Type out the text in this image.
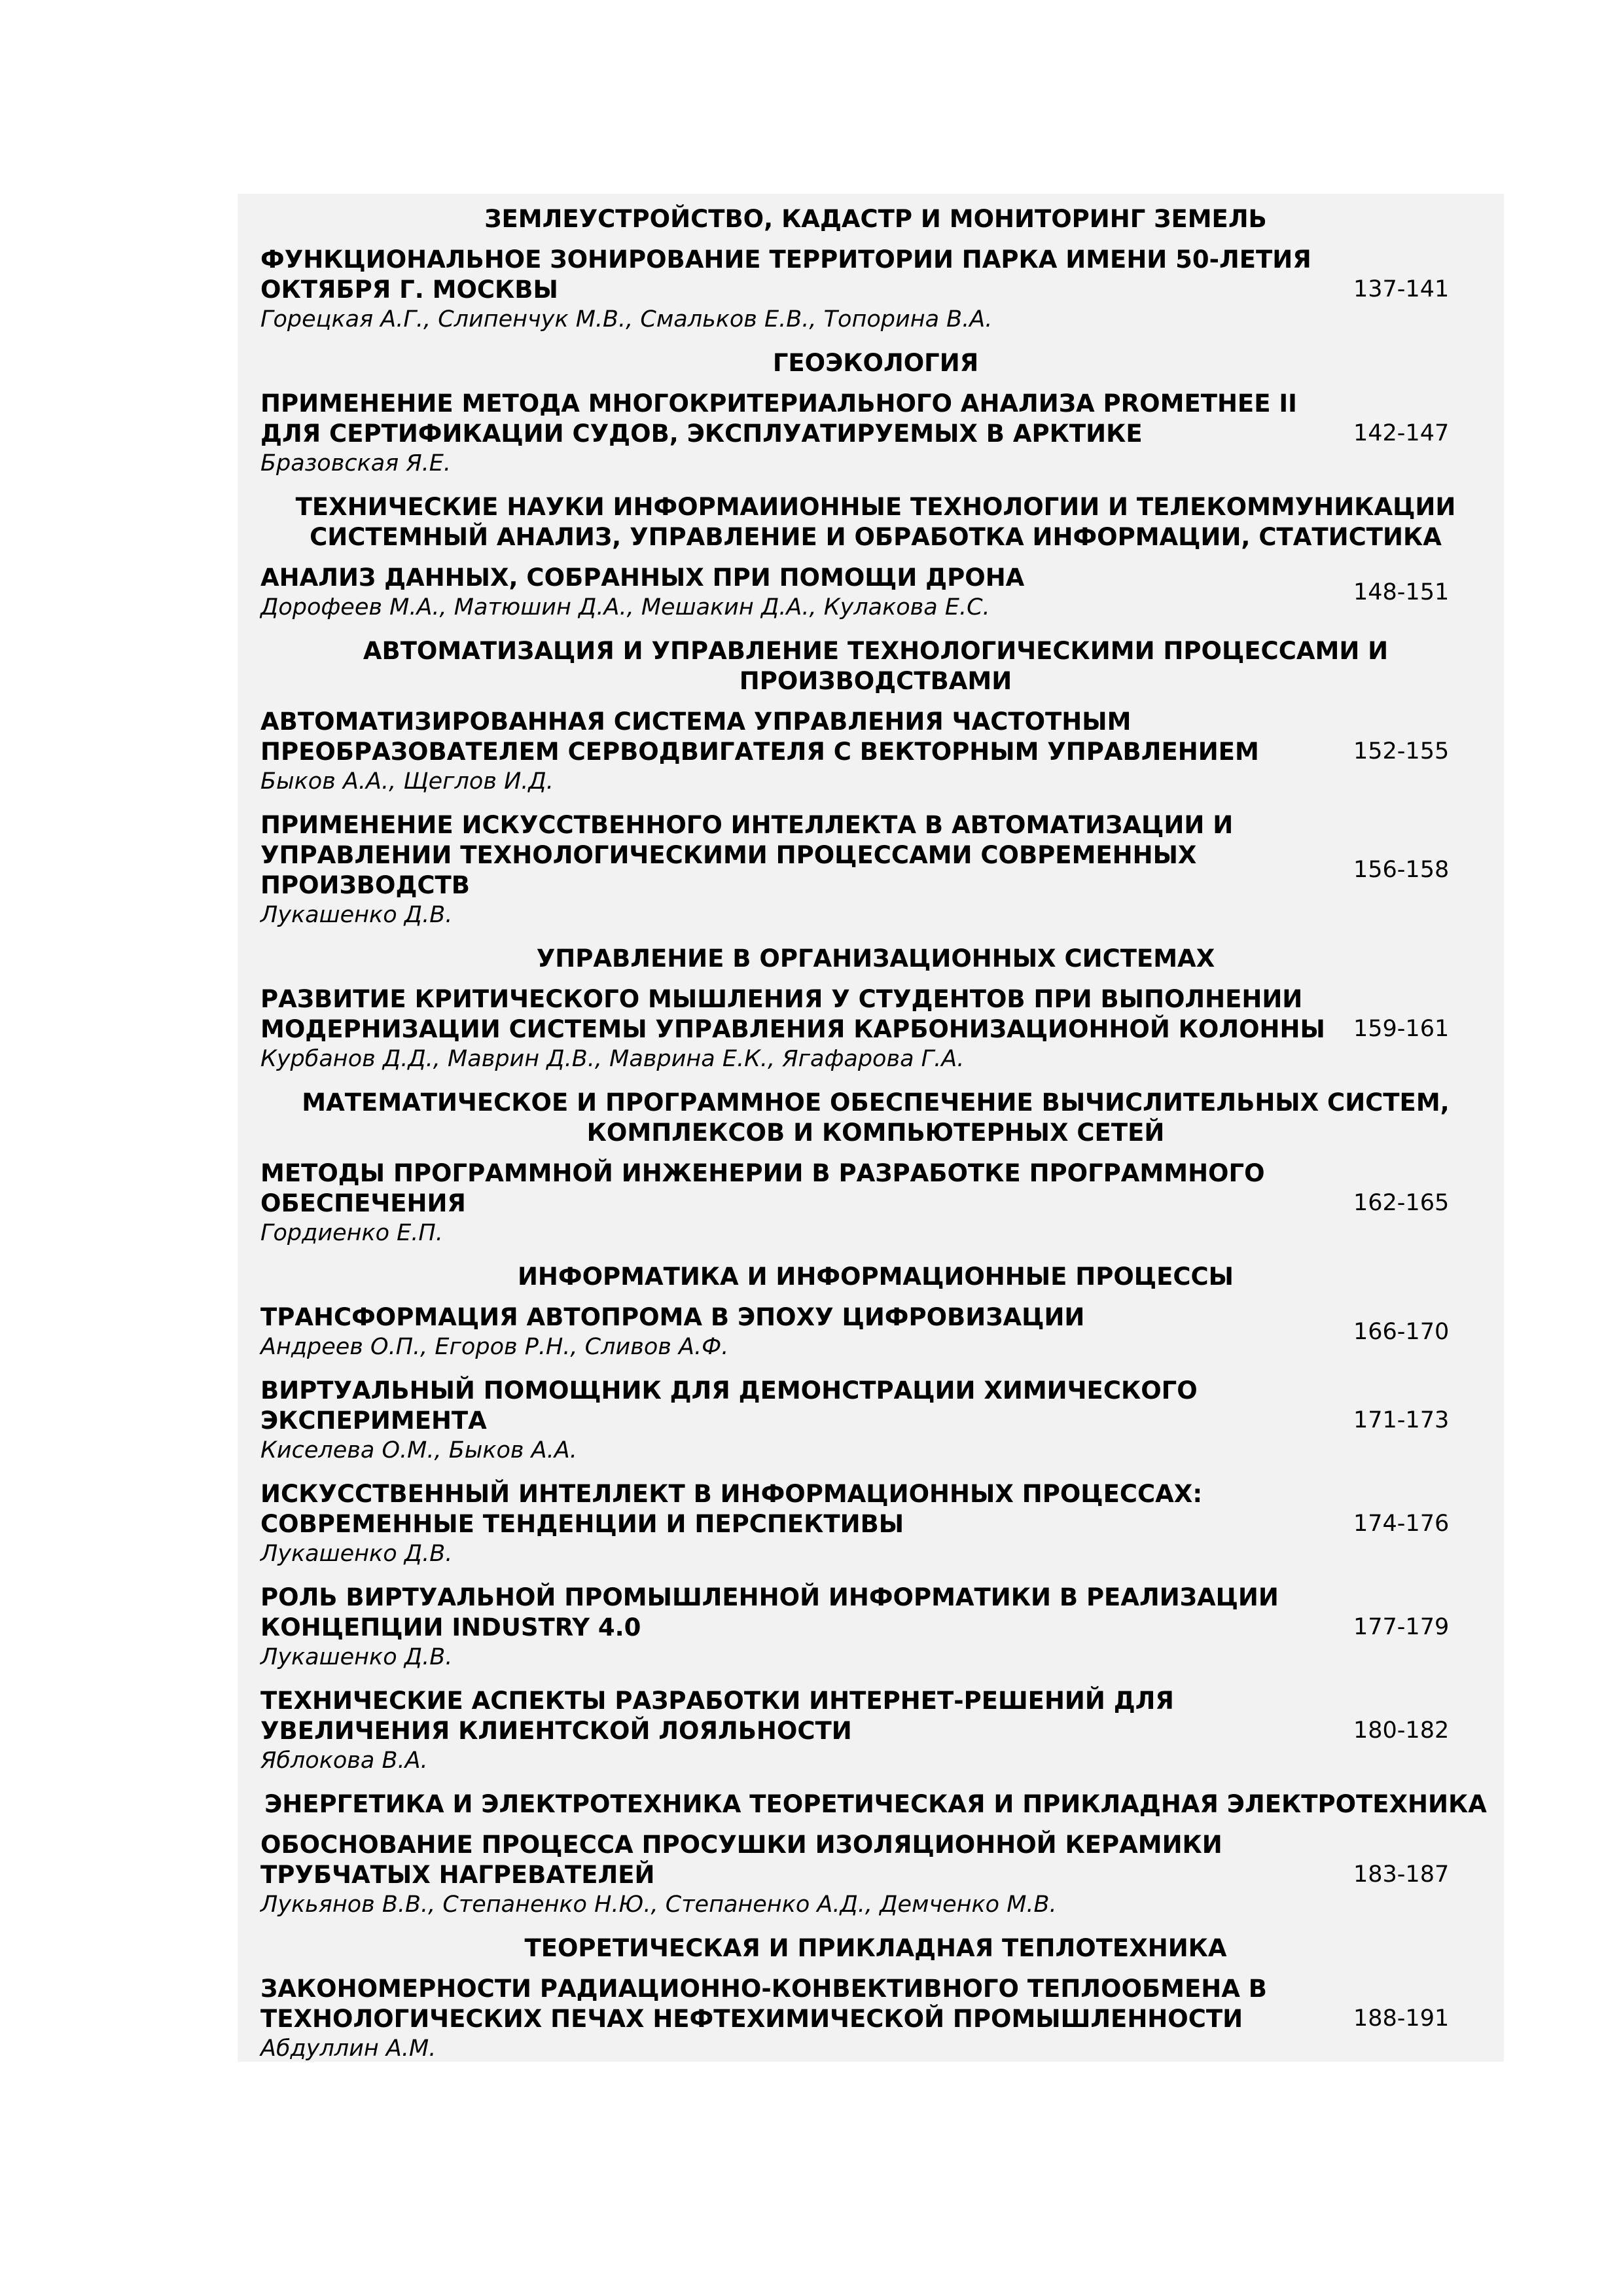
ЗЕМЛЕУСТРОЙСТВО, КАДАСТР И МОНИТОРИНГ ЗЕМЕЛЬ
ФУНКЦИОНАЛЬНОЕ ЗОНИРОВАНИЕ ТЕРРИТОРИИ ПАРКА ИМЕНИ 50-ЛЕТИЯ ОКТЯБРЯ Г. МОСКВЫ
Горецкая А.Г., Слипенчук М.В., Смальков Е.В., Топорина В.А.
137-141
ГЕОЭКОЛОГИЯ
ПРИМЕНЕНИЕ МЕТОДА МНОГОКРИТЕРИАЛЬНОГО АНАЛИЗА PROMETHEE II ДЛЯ СЕРТИФИКАЦИИ СУДОВ, ЭКСПЛУАТИРУЕМЫХ В АРКТИКЕ
Бразовская Я.Е.
142-147
ТЕХНИЧЕСКИЕ НАУКИ ИНФОРМАИИОННЫЕ ТЕХНОЛОГИИ И ТЕЛЕКОММУНИКАЦИИ СИСТЕМНЫЙ АНАЛИЗ, УПРАВЛЕНИЕ И ОБРАБОТКА ИНФОРМАЦИИ, СТАТИСТИКА
АНАЛИЗ ДАННЫХ, СОБРАННЫХ ПРИ ПОМОЩИ ДРОНА
Дорофеев М.А., Матюшин Д.А., Мешакин Д.А., Кулакова Е.С.
148-151
АВТОМАТИЗАЦИЯ И УПРАВЛЕНИЕ ТЕХНОЛОГИЧЕСКИМИ ПРОЦЕССАМИ И ПРОИЗВОДСТВАМИ
АВТОМАТИЗИРОВАННАЯ СИСТЕМА УПРАВЛЕНИЯ ЧАСТОТНЫМ ПРЕОБРАЗОВАТЕЛЕМ СЕРВОДВИГАТЕЛЯ С ВЕКТОРНЫМ УПРАВЛЕНИЕМ
Быков А.А., Щеглов И.Д.
152-155
ПРИМЕНЕНИЕ ИСКУССТВЕННОГО ИНТЕЛЛЕКТА В АВТОМАТИЗАЦИИ И УПРАВЛЕНИИ ТЕХНОЛОГИЧЕСКИМИ ПРОЦЕССАМИ СОВРЕМЕННЫХ ПРОИЗВОДСТВ
Лукашенко Д.В.
156-158
УПРАВЛЕНИЕ В ОРГАНИЗАЦИОННЫХ СИСТЕМАХ
РАЗВИТИЕ КРИТИЧЕСКОГО МЫШЛЕНИЯ У СТУДЕНТОВ ПРИ ВЫПОЛНЕНИИ МОДЕРНИЗАЦИИ СИСТЕМЫ УПРАВЛЕНИЯ КАРБОНИЗАЦИОННОЙ КОЛОННЫ
Курбанов Д.Д., Маврин Д.В., Маврина Е.К., Ягафарова Г.А.
159-161
МАТЕМАТИЧЕСКОЕ И ПРОГРАММНОЕ ОБЕСПЕЧЕНИЕ ВЫЧИСЛИТЕЛЬНЫХ СИСТЕМ, КОМПЛЕКСОВ И КОМПЬЮТЕРНЫХ СЕТЕЙ
МЕТОДЫ ПРОГРАММНОЙ ИНЖЕНЕРИИ В РАЗРАБОТКЕ ПРОГРАММНОГО ОБЕСПЕЧЕНИЯ
Гордиенко Е.П.
162-165
ИНФОРМАТИКА И ИНФОРМАЦИОННЫЕ ПРОЦЕССЫ
ТРАНСФОРМАЦИЯ АВТОПРОМА В ЭПОХУ ЦИФРОВИЗАЦИИ
Андреев О.П., Егоров Р.Н., Сливов А.Ф.
166-170
ВИРТУАЛЬНЫЙ ПОМОЩНИК ДЛЯ ДЕМОНСТРАЦИИ ХИМИЧЕСКОГО ЭКСПЕРИМЕНТА
Киселева О.М., Быков А.А.
171-173
ИСКУССТВЕННЫЙ ИНТЕЛЛЕКТ В ИНФОРМАЦИОННЫХ ПРОЦЕССАХ: СОВРЕМЕННЫЕ ТЕНДЕНЦИИ И ПЕРСПЕКТИВЫ
Лукашенко Д.В.
174-176
РОЛЬ ВИРТУАЛЬНОЙ ПРОМЫШЛЕННОЙ ИНФОРМАТИКИ В РЕАЛИЗАЦИИ КОНЦЕПЦИИ INDUSTRY 4.0
Лукашенко Д.В.
177-179
ТЕХНИЧЕСКИЕ АСПЕКТЫ РАЗРАБОТКИ ИНТЕРНЕТ-РЕШЕНИЙ ДЛЯ УВЕЛИЧЕНИЯ КЛИЕНТСКОЙ ЛОЯЛЬНОСТИ
Яблокова В.А.
180-182
ЭНЕРГЕТИКА И ЭЛЕКТРОТЕХНИКА ТЕОРЕТИЧЕСКАЯ И ПРИКЛАДНАЯ ЭЛЕКТРОТЕХНИКА
ОБОСНОВАНИЕ ПРОЦЕССА ПРОСУШКИ ИЗОЛЯЦИОННОЙ КЕРАМИКИ ТРУБЧАТЫХ НАГРЕВАТЕЛЕЙ
Лукьянов В.В., Степаненко Н.Ю., Степаненко А.Д., Демченко М.В.
183-187
ТЕОРЕТИЧЕСКАЯ И ПРИКЛАДНАЯ ТЕПЛОТЕХНИКА
ЗАКОНОМЕРНОСТИ РАДИАЦИОННО-КОНВЕКТИВНОГО ТЕПЛООБМЕНА В ТЕХНОЛОГИЧЕСКИХ ПЕЧАХ НЕФТЕХИМИЧЕСКОЙ ПРОМЫШЛЕННОСТИ
Абдуллин А.М.
188-191
